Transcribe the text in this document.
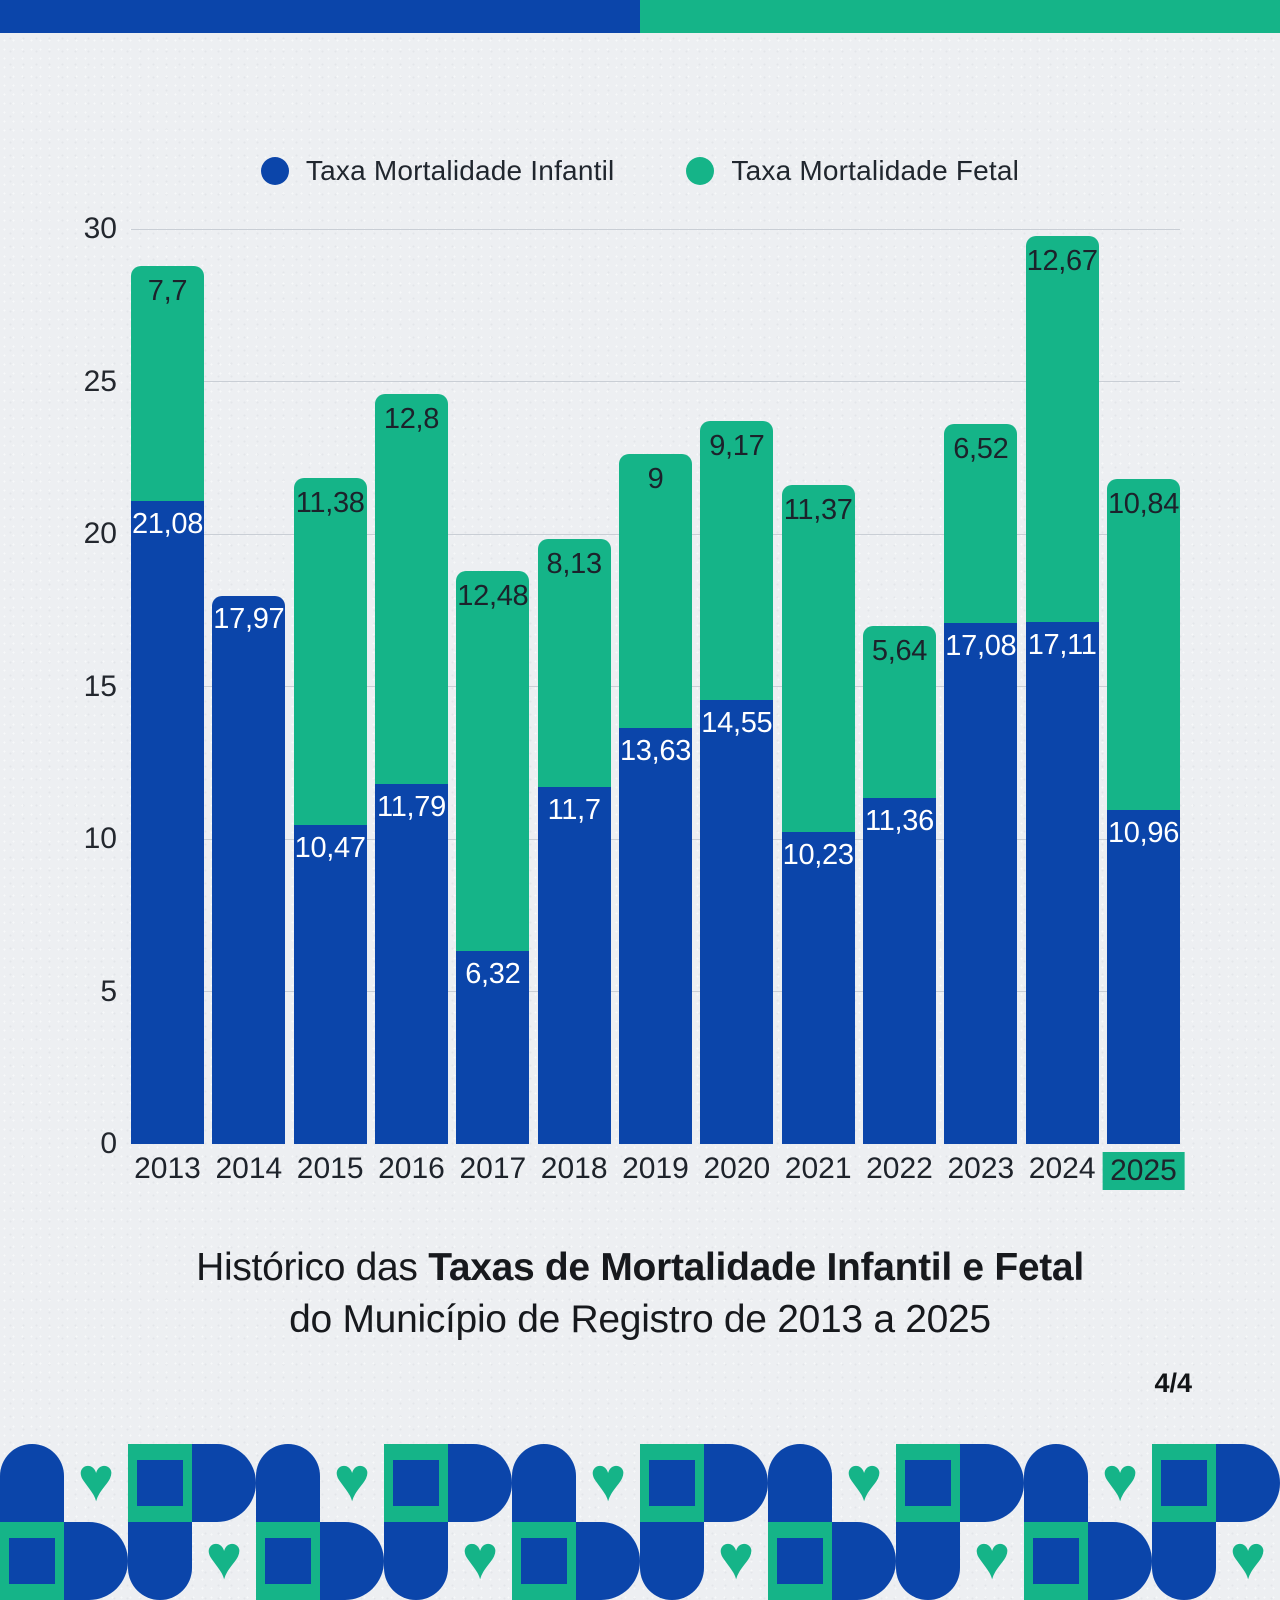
Taxa Mortalidade Infantil	Taxa Mortalidade Fetal
0
5
10
15
20
25
30
21,08
7,7
17,97
10,47
11,38
11,79
12,8
6,32
12,48
11,7
8,13
13,63
9
14,55
9,17
10,23
11,37
11,36
5,64 17,08
6,52
17,11
12,67
10,96
10,84
2013 2014 2015 2016 2017 2018 2019 2020 2021 2022 2023 2024 2025
Histórico das Taxas de Mortalidade Infantil e Fetal
do Município de Registro de 2013 a 2025
4/4
♥	♥	♥	♥	♥
♥	♥	♥	♥	♥
